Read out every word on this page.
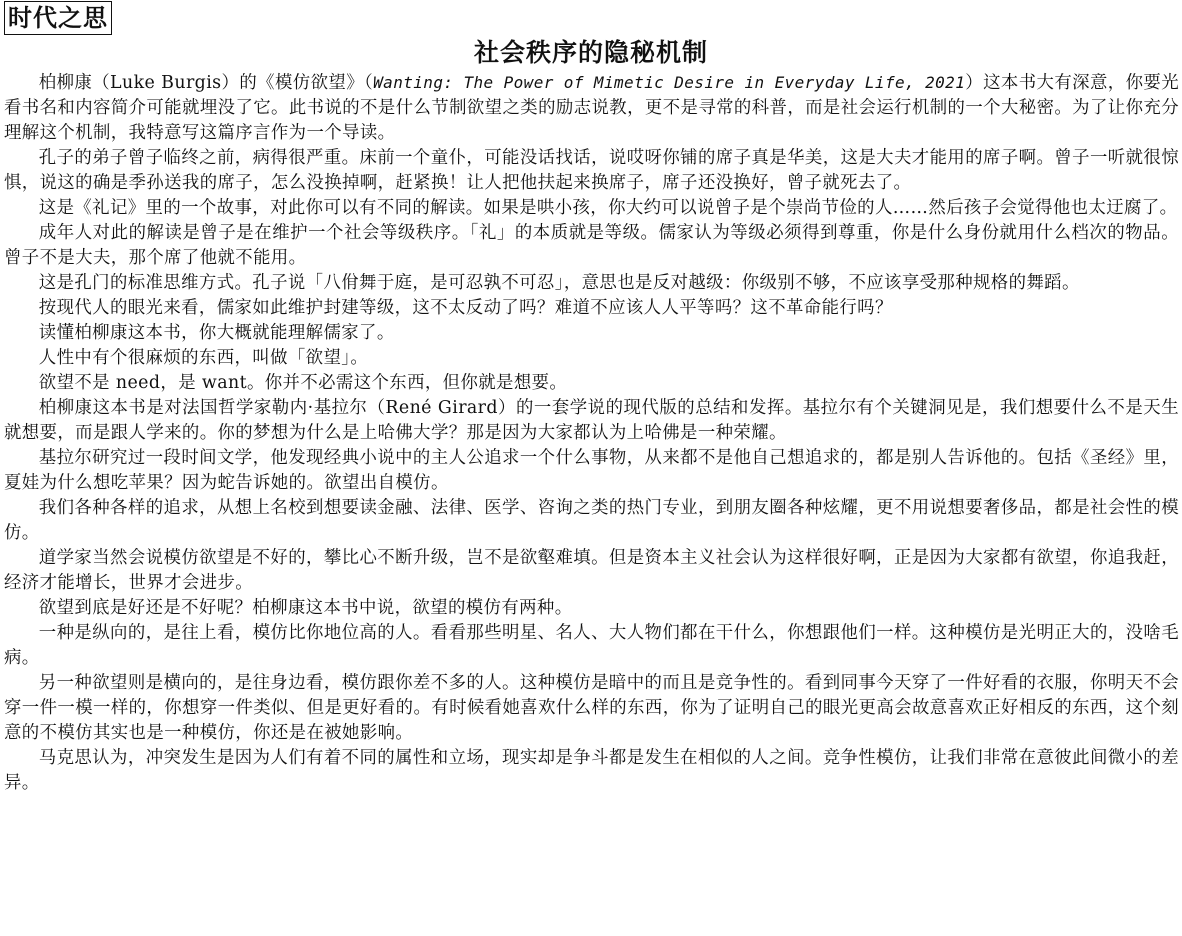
时代之思
社会秩序的隐秘机制

柏柳康（Luke Burgis）的《模仿欲望》（Wanting: The Power of Mimetic Desire in Everyday Life, 2021）这本书大有深意，你要光看书名和内容简介可能就埋没了它。此书说的不是什么节制欲望之类的励志说教，更不是寻常的科普，而是社会运行机制的一个大秘密。为了让你充分理解这个机制，我特意写这篇序言作为一个导读。

孔子的弟子曾子临终之前，病得很严重。床前一个童仆，可能没话找话，说哎呀你铺的席子真是华美，这是大夫才能用的席子啊。曾子一听就很惊惧，说这的确是季孙送我的席子，怎么没换掉啊，赶紧换！让人把他扶起来换席子，席子还没换好，曾子就死去了。

这是《礼记》里的一个故事，对此你可以有不同的解读。如果是哄小孩，你大约可以说曾子是个崇尚节俭的人……然后孩子会觉得他也太迂腐了。

成年人对此的解读是曾子是在维护一个社会等级秩序。「礼」的本质就是等级。儒家认为等级必须得到尊重，你是什么身份就用什么档次的物品。曾子不是大夫，那个席了他就不能用。

这是孔门的标准思维方式。孔子说「八佾舞于庭，是可忍孰不可忍」，意思也是反对越级：你级别不够，不应该享受那种规格的舞蹈。

按现代人的眼光来看，儒家如此维护封建等级，这不太反动了吗？难道不应该人人平等吗？这不革命能行吗？

读懂柏柳康这本书，你大概就能理解儒家了。

人性中有个很麻烦的东西，叫做「欲望」。

欲望不是 need，是 want。你并不必需这个东西，但你就是想要。

柏柳康这本书是对法国哲学家勒内·基拉尔（René Girard）的一套学说的现代版的总结和发挥。基拉尔有个关键洞见是，我们想要什么不是天生就想要，而是跟人学来的。你的梦想为什么是上哈佛大学？那是因为大家都认为上哈佛是一种荣耀。

基拉尔研究过一段时间文学，他发现经典小说中的主人公追求一个什么事物，从来都不是他自己想追求的，都是别人告诉他的。包括《圣经》里，夏娃为什么想吃苹果？因为蛇告诉她的。欲望出自模仿。

我们各种各样的追求，从想上名校到想要读金融、法律、医学、咨询之类的热门专业，到朋友圈各种炫耀，更不用说想要奢侈品，都是社会性的模仿。

道学家当然会说模仿欲望是不好的，攀比心不断升级，岂不是欲壑难填。但是资本主义社会认为这样很好啊，正是因为大家都有欲望，你追我赶，经济才能增长，世界才会进步。

欲望到底是好还是不好呢？柏柳康这本书中说，欲望的模仿有两种。

一种是纵向的，是往上看，模仿比你地位高的人。看看那些明星、名人、大人物们都在干什么，你想跟他们一样。这种模仿是光明正大的，没啥毛病。

另一种欲望则是横向的，是往身边看，模仿跟你差不多的人。这种模仿是暗中的而且是竞争性的。看到同事今天穿了一件好看的衣服，你明天不会穿一件一模一样的，你想穿一件类似、但是更好看的。有时候看她喜欢什么样的东西，你为了证明自己的眼光更高会故意喜欢正好相反的东西，这个刻意的不模仿其实也是一种模仿，你还是在被她影响。

马克思认为，冲突发生是因为人们有着不同的属性和立场，现实却是争斗都是发生在相似的人之间。竞争性模仿，让我们非常在意彼此间微小的差异。
